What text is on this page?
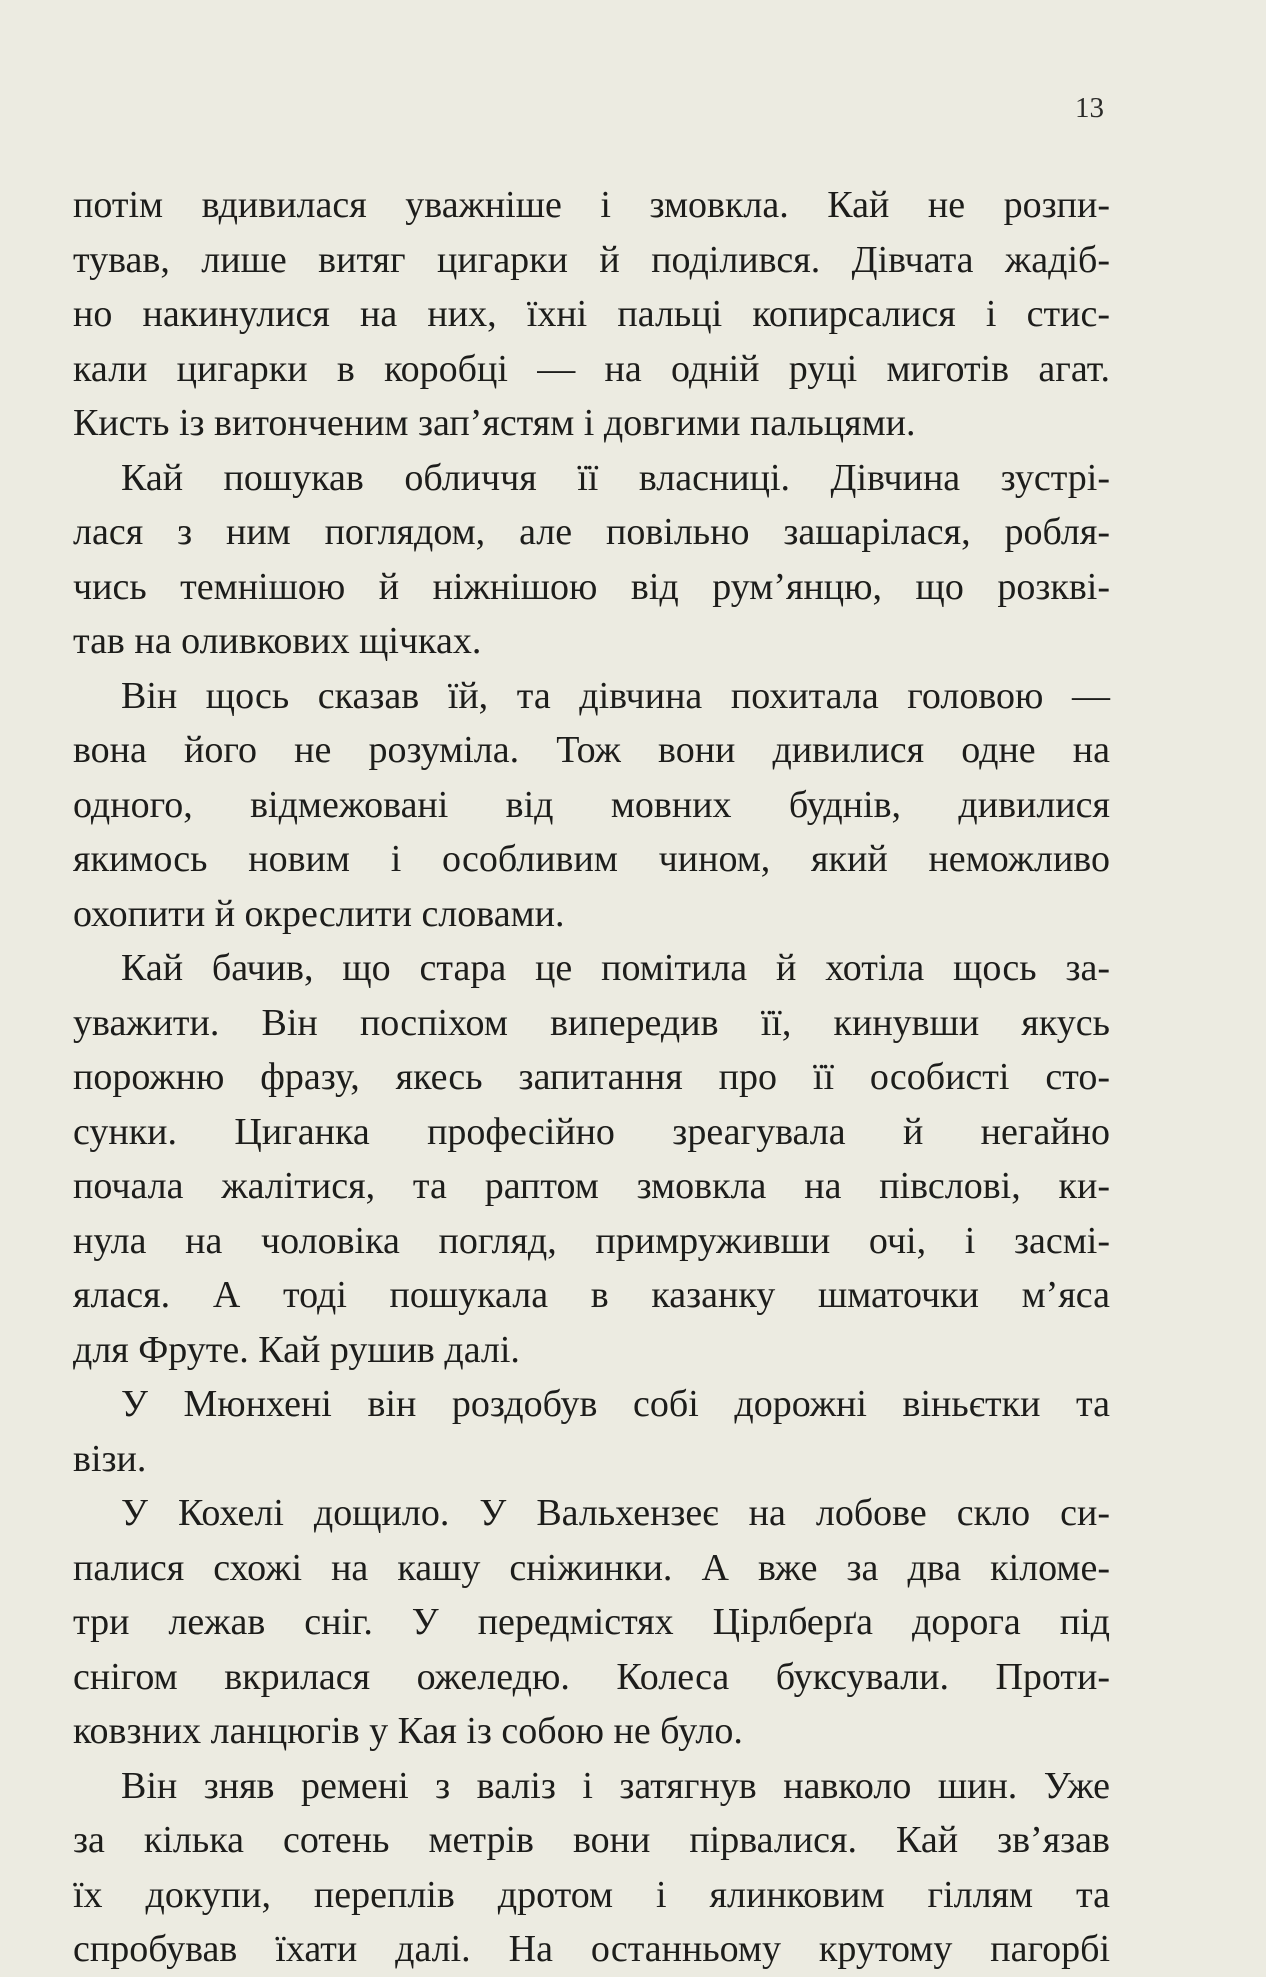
13
потім вдивилася уважніше і змовкла. Кай не розпи-
тував, лише витяг цигарки й поділився. Дівчата жадіб-
но накинулися на них, їхні пальці копирсалися і стис-
кали цигарки в коробці — на одній руці миготів агат.
Кисть із витонченим зап’ястям і довгими пальцями.
Кай пошукав обличчя її власниці. Дівчина зустрі-
лася з ним поглядом, але повільно зашарілася, робля-
чись темнішою й ніжнішою від рум’янцю, що розкві-
тав на оливкових щічках.
Він щось сказав їй, та дівчина похитала головою —
вона його не розуміла. Тож вони дивилися одне на
одного, відмежовані від мовних буднів, дивилися
якимось новим і особливим чином, який неможливо
охопити й окреслити словами.
Кай бачив, що стара це помітила й хотіла щось за-
уважити. Він поспіхом випередив її, кинувши якусь
порожню фразу, якесь запитання про її особисті сто-
сунки. Циганка професійно зреагувала й негайно
почала жалітися, та раптом змовкла на півслові, ки-
нула на чоловіка погляд, примруживши очі, і засмі-
ялася. А тоді пошукала в казанку шматочки м’яса
для Фруте. Кай рушив далі.
У Мюнхені він роздобув собі дорожні віньєтки та
візи.
У Кохелі дощило. У Вальхензеє на лобове скло си-
палися схожі на кашу сніжинки. А вже за два кіломе-
три лежав сніг. У передмістях Цірлберґа дорога під
снігом вкрилася ожеледю. Колеса буксували. Проти-
ковзних ланцюгів у Кая із собою не було.
Він зняв ремені з валіз і затягнув навколо шин. Уже
за кілька сотень метрів вони пірвалися. Кай зв’язав
їх докупи, переплів дротом і ялинковим гіллям та
спробував їхати далі. На останньому крутому пагорбі
